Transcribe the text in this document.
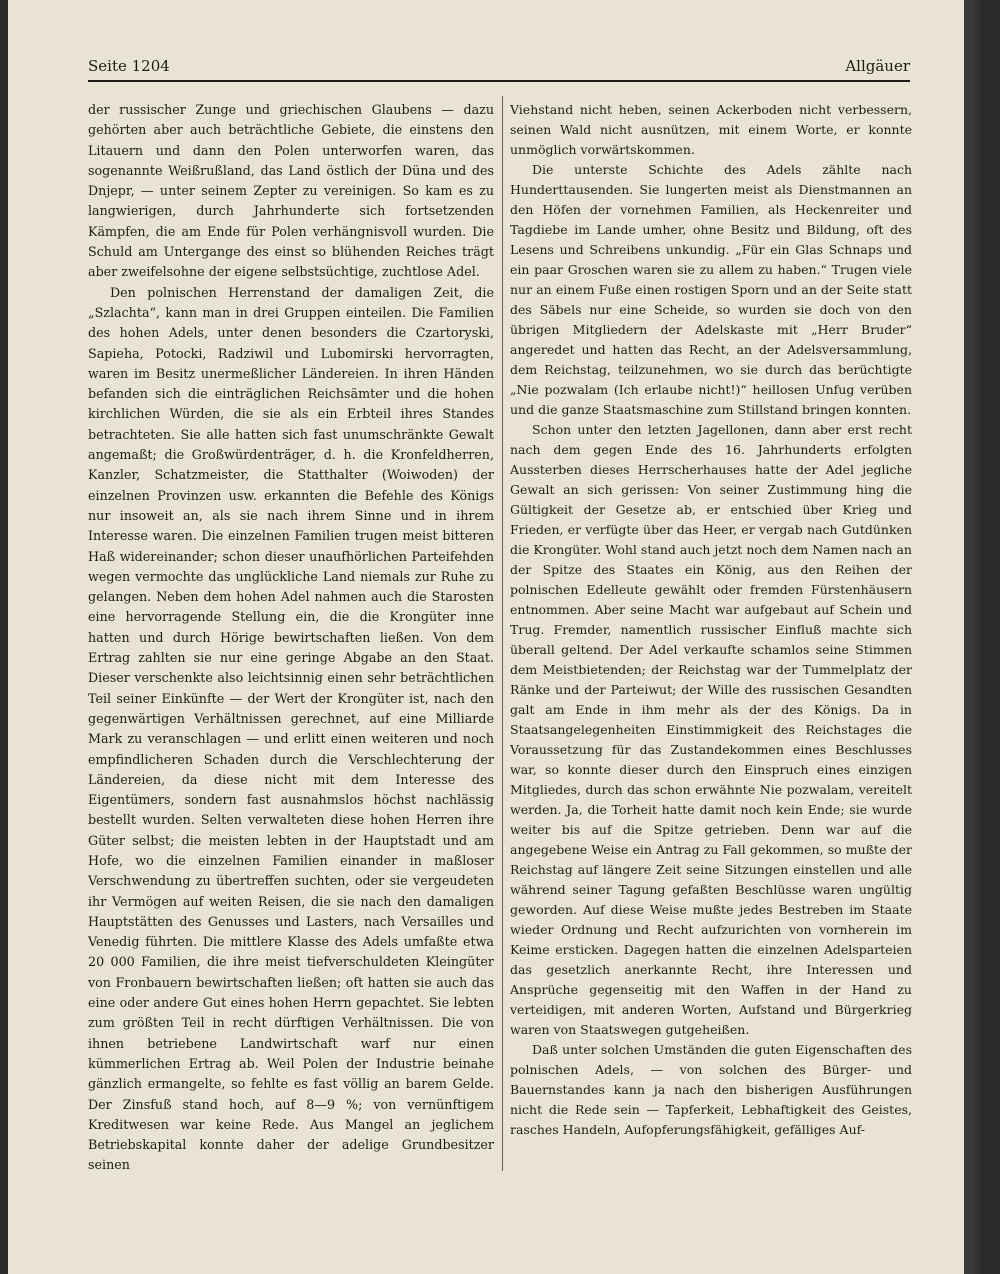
Seite 1204	Allgäuer

der russischer Zunge und griechischen Glaubens — dazu gehörten aber auch beträchtliche Gebiete, die einstens den Litauern und dann den Polen unterworfen waren, das sogenannte Weißrußland, das Land östlich der Düna und des Dnjepr, — unter seinem Zepter zu vereinigen. So kam es zu langwierigen, durch Jahrhunderte sich fortsetzenden Kämpfen, die am Ende für Polen verhängnisvoll wurden. Die Schuld am Untergange des einst so blühenden Reiches trägt aber zweifelsohne der eigene selbstsüchtige, zuchtlose Adel.

Den polnischen Herrenstand der damaligen Zeit, die „Szlachta“, kann man in drei Gruppen einteilen. Die Familien des hohen Adels, unter denen besonders die Czartoryski, Sapieha, Potocki, Radziwil und Lubomirski hervorragten, waren im Besitz unermeßlicher Ländereien. In ihren Händen befanden sich die einträglichen Reichsämter und die hohen kirchlichen Würden, die sie als ein Erbteil ihres Standes betrachteten. Sie alle hatten sich fast unumschränkte Gewalt angemaßt; die Großwürdenträger, d. h. die Kronfeldherren, Kanzler, Schatzmeister, die Statthalter (Woiwoden) der einzelnen Provinzen usw. erkannten die Befehle des Königs nur insoweit an, als sie nach ihrem Sinne und in ihrem Interesse waren. Die einzelnen Familien trugen meist bitteren Haß widereinander; schon dieser unaufhörlichen Parteifehden wegen vermochte das unglückliche Land niemals zur Ruhe zu gelangen. Neben dem hohen Adel nahmen auch die Starosten eine hervorragende Stellung ein, die die Krongüter inne hatten und durch Hörige bewirtschaften ließen. Von dem Ertrag zahlten sie nur eine geringe Abgabe an den Staat. Dieser verschenkte also leichtsinnig einen sehr beträchtlichen Teil seiner Einkünfte — der Wert der Krongüter ist, nach den gegenwärtigen Verhältnissen gerechnet, auf eine Milliarde Mark zu veranschlagen — und erlitt einen weiteren und noch empfindlicheren Schaden durch die Verschlechterung der Ländereien, da diese nicht mit dem Interesse des Eigentümers, sondern fast ausnahmslos höchst nachlässig bestellt wurden. Selten verwalteten diese hohen Herren ihre Güter selbst; die meisten lebten in der Hauptstadt und am Hofe, wo die einzelnen Familien einander in maßloser Verschwendung zu übertreffen suchten, oder sie vergeudeten ihr Vermögen auf weiten Reisen, die sie nach den damaligen Hauptstätten des Genusses und Lasters, nach Versailles und Venedig führten. Die mittlere Klasse des Adels umfaßte etwa 20 000 Familien, die ihre meist tiefverschuldeten Kleingüter von Fronbauern bewirtschaften ließen; oft hatten sie auch das eine oder andere Gut eines hohen Herrn gepachtet. Sie lebten zum größten Teil in recht dürftigen Verhältnissen. Die von ihnen betriebene Landwirtschaft warf nur einen kümmerlichen Ertrag ab. Weil Polen der Industrie beinahe gänzlich ermangelte, so fehlte es fast völlig an barem Gelde. Der Zinsfuß stand hoch, auf 8—9 %; von vernünftigem Kreditwesen war keine Rede. Aus Mangel an jeglichem Betriebskapital konnte daher der adelige Grundbesitzer seinen

Viehstand nicht heben, seinen Ackerboden nicht verbessern, seinen Wald nicht ausnützen, mit einem Worte, er konnte unmöglich vorwärtskommen.

Die unterste Schichte des Adels zählte nach Hunderttausenden. Sie lungerten meist als Dienstmannen an den Höfen der vornehmen Familien, als Heckenreiter und Tagdiebe im Lande umher, ohne Besitz und Bildung, oft des Lesens und Schreibens unkundig. „Für ein Glas Schnaps und ein paar Groschen waren sie zu allem zu haben.“ Trugen viele nur an einem Fuße einen rostigen Sporn und an der Seite statt des Säbels nur eine Scheide, so wurden sie doch von den übrigen Mitgliedern der Adelskaste mit „Herr Bruder“ angeredet und hatten das Recht, an der Adelsversammlung, dem Reichstag, teilzunehmen, wo sie durch das berüchtigte „Nie pozwalam (Ich erlaube nicht!)“ heillosen Unfug verüben und die ganze Staatsmaschine zum Stillstand bringen konnten.

Schon unter den letzten Jagellonen, dann aber erst recht nach dem gegen Ende des 16. Jahrhunderts erfolgten Aussterben dieses Herrscherhauses hatte der Adel jegliche Gewalt an sich gerissen: Von seiner Zustimmung hing die Gültigkeit der Gesetze ab, er entschied über Krieg und Frieden, er verfügte über das Heer, er vergab nach Gutdünken die Krongüter. Wohl stand auch jetzt noch dem Namen nach an der Spitze des Staates ein König, aus den Reihen der polnischen Edelleute gewählt oder fremden Fürstenhäusern entnommen. Aber seine Macht war aufgebaut auf Schein und Trug. Fremder, namentlich russischer Einfluß machte sich überall geltend. Der Adel verkaufte schamlos seine Stimmen dem Meistbietenden; der Reichstag war der Tummelplatz der Ränke und der Parteiwut; der Wille des russischen Gesandten galt am Ende in ihm mehr als der des Königs. Da in Staatsangelegenheiten Einstimmigkeit des Reichstages die Voraussetzung für das Zustandekommen eines Beschlusses war, so konnte dieser durch den Einspruch eines einzigen Mitgliedes, durch das schon erwähnte Nie pozwalam, vereitelt werden. Ja, die Torheit hatte damit noch kein Ende; sie wurde weiter bis auf die Spitze getrieben. Denn war auf die angegebene Weise ein Antrag zu Fall gekommen, so mußte der Reichstag auf längere Zeit seine Sitzungen einstellen und alle während seiner Tagung gefaßten Beschlüsse waren ungültig geworden. Auf diese Weise mußte jedes Bestreben im Staate wieder Ordnung und Recht aufzurichten von vornherein im Keime ersticken. Dagegen hatten die einzelnen Adelsparteien das gesetzlich anerkannte Recht, ihre Interessen und Ansprüche gegenseitig mit den Waffen in der Hand zu verteidigen, mit anderen Worten, Aufstand und Bürgerkrieg waren von Staatswegen gutgeheißen.

Daß unter solchen Umständen die guten Eigenschaften des polnischen Adels, — von solchen des Bürger- und Bauernstandes kann ja nach den bisherigen Ausführungen nicht die Rede sein — Tapferkeit, Lebhaftigkeit des Geistes, rasches Handeln, Aufopferungsfähigkeit, gefälliges Auf-
